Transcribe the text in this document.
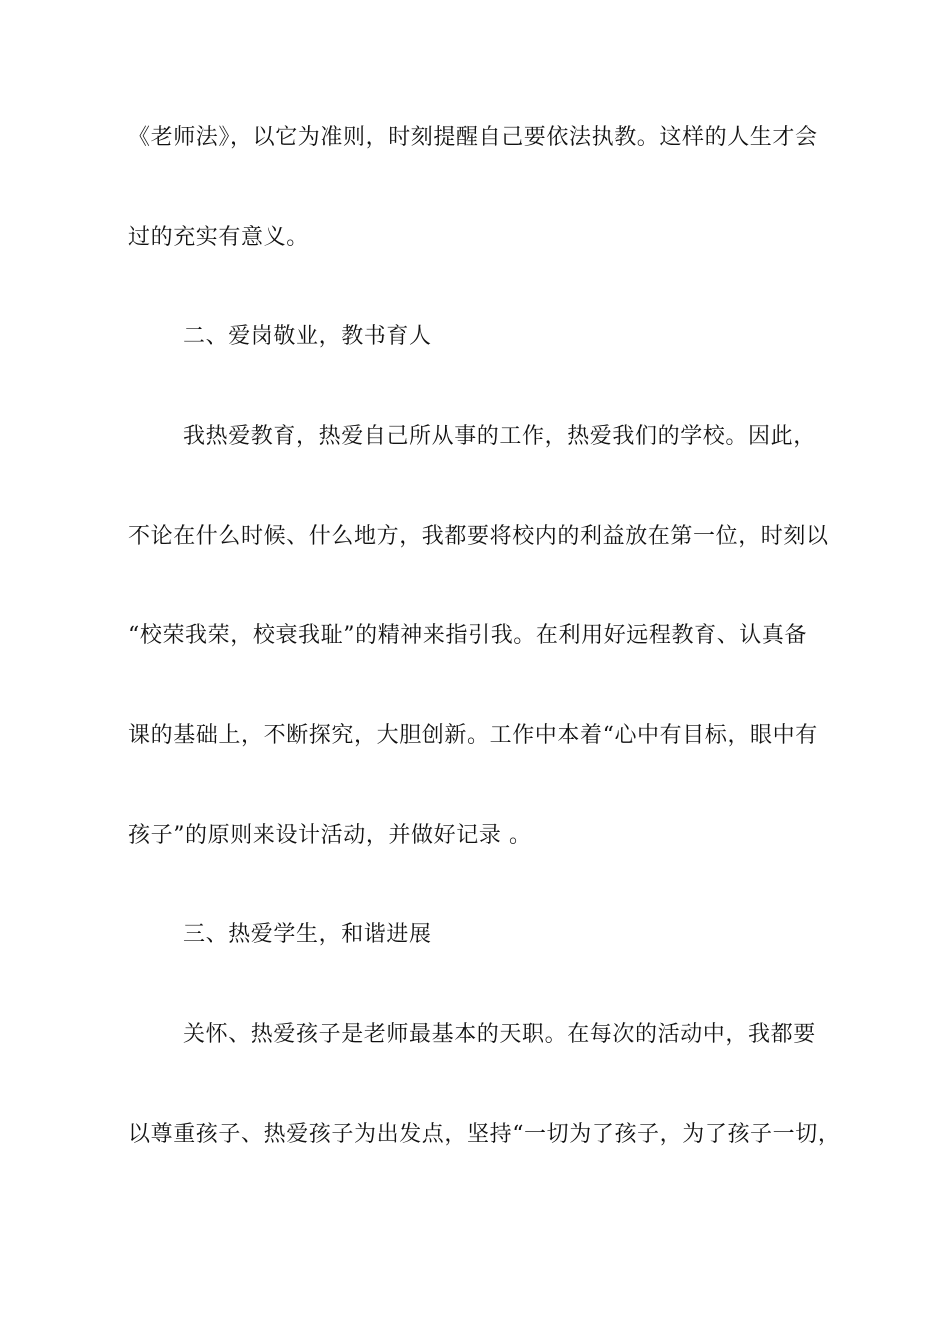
《老师法》，以它为准则，时刻提醒自己要依法执教。这样的人生才会
过的充实有意义。
二、爱岗敬业，教书育人
我热爱教育，热爱自己所从事的工作，热爱我们的学校。因此，
不论在什么时候、什么地方，我都要将校内的利益放在第一位，时刻以
“校荣我荣，校衰我耻”的精神来指引我。在利用好远程教育、认真备
课的基础上，不断探究，大胆创新。工作中本着“心中有目标，眼中有
孩子”的原则来设计活动，并做好记录 。
三、热爱学生，和谐进展
关怀、热爱孩子是老师最基本的天职。在每次的活动中，我都要
以尊重孩子、热爱孩子为出发点，坚持“一切为了孩子，为了孩子一切，
